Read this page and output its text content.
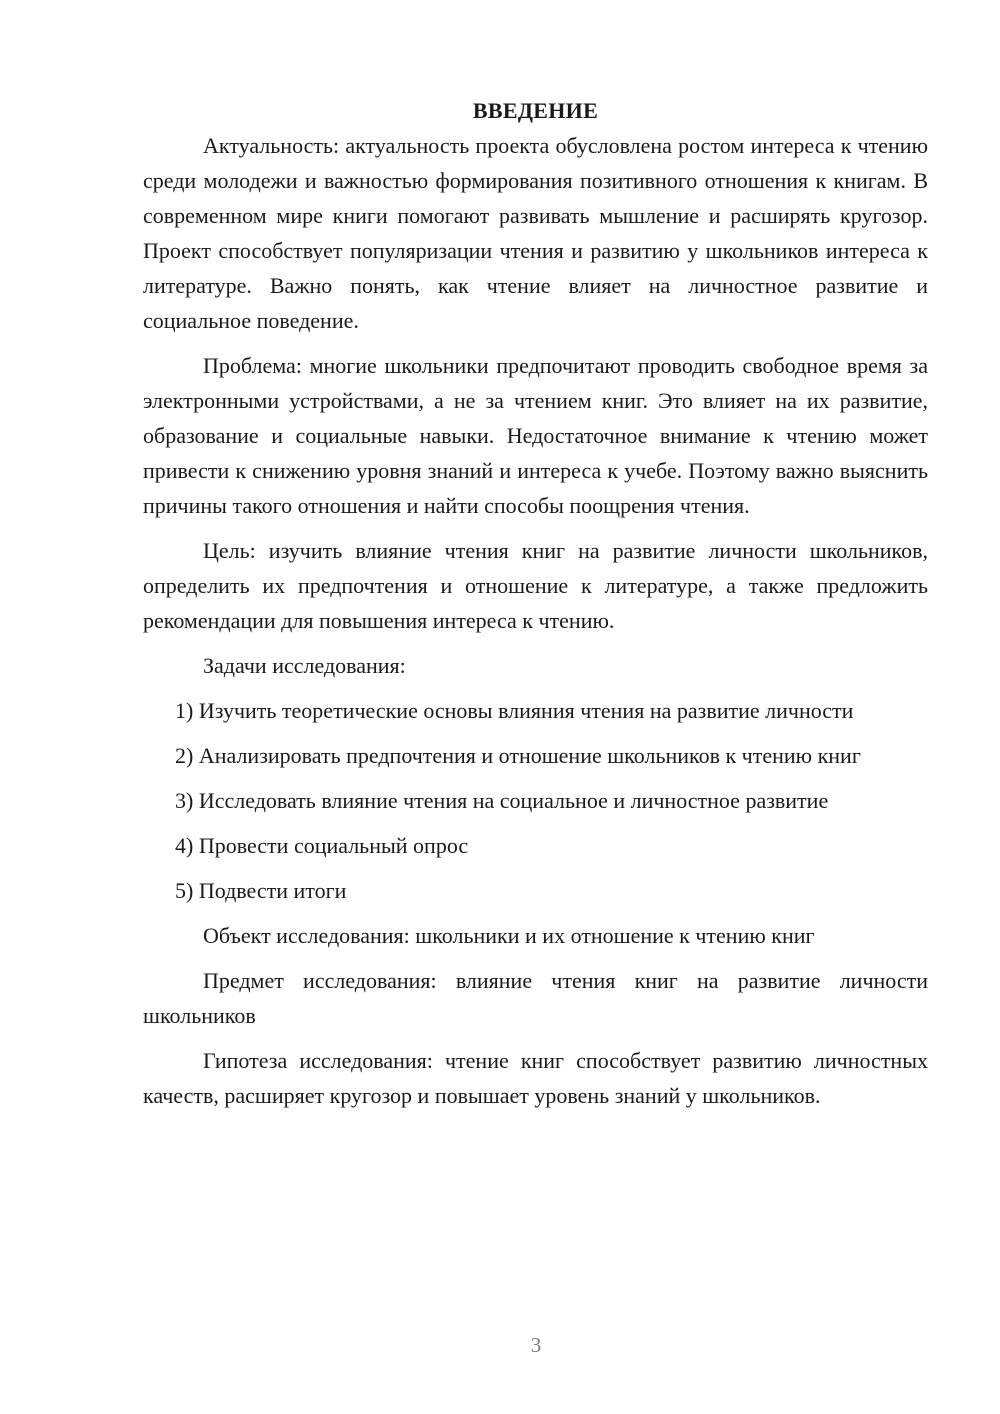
ВВЕДЕНИЕ

Актуальность: актуальность проекта обусловлена ростом интереса к чтению среди молодежи и важностью формирования позитивного отношения к книгам. В современном мире книги помогают развивать мышление и расширять кругозор. Проект способствует популяризации чтения и развитию у школьников интереса к литературе. Важно понять, как чтение влияет на личностное развитие и социальное поведение.

Проблема: многие школьники предпочитают проводить свободное время за электронными устройствами, а не за чтением книг. Это влияет на их развитие, образование и социальные навыки. Недостаточное внимание к чтению может привести к снижению уровня знаний и интереса к учебе. Поэтому важно выяснить причины такого отношения и найти способы поощрения чтения.

Цель: изучить влияние чтения книг на развитие личности школьников, определить их предпочтения и отношение к литературе, а также предложить рекомендации для повышения интереса к чтению.

Задачи исследования:

1) Изучить теоретические основы влияния чтения на развитие личности

2) Анализировать предпочтения и отношение школьников к чтению книг

3) Исследовать влияние чтения на социальное и личностное развитие

4) Провести социальный опрос

5) Подвести итоги

Объект исследования: школьники и их отношение к чтению книг

Предмет исследования: влияние чтения книг на развитие личности школьников

Гипотеза исследования: чтение книг способствует развитию личностных качеств, расширяет кругозор и повышает уровень знаний у школьников.

3
